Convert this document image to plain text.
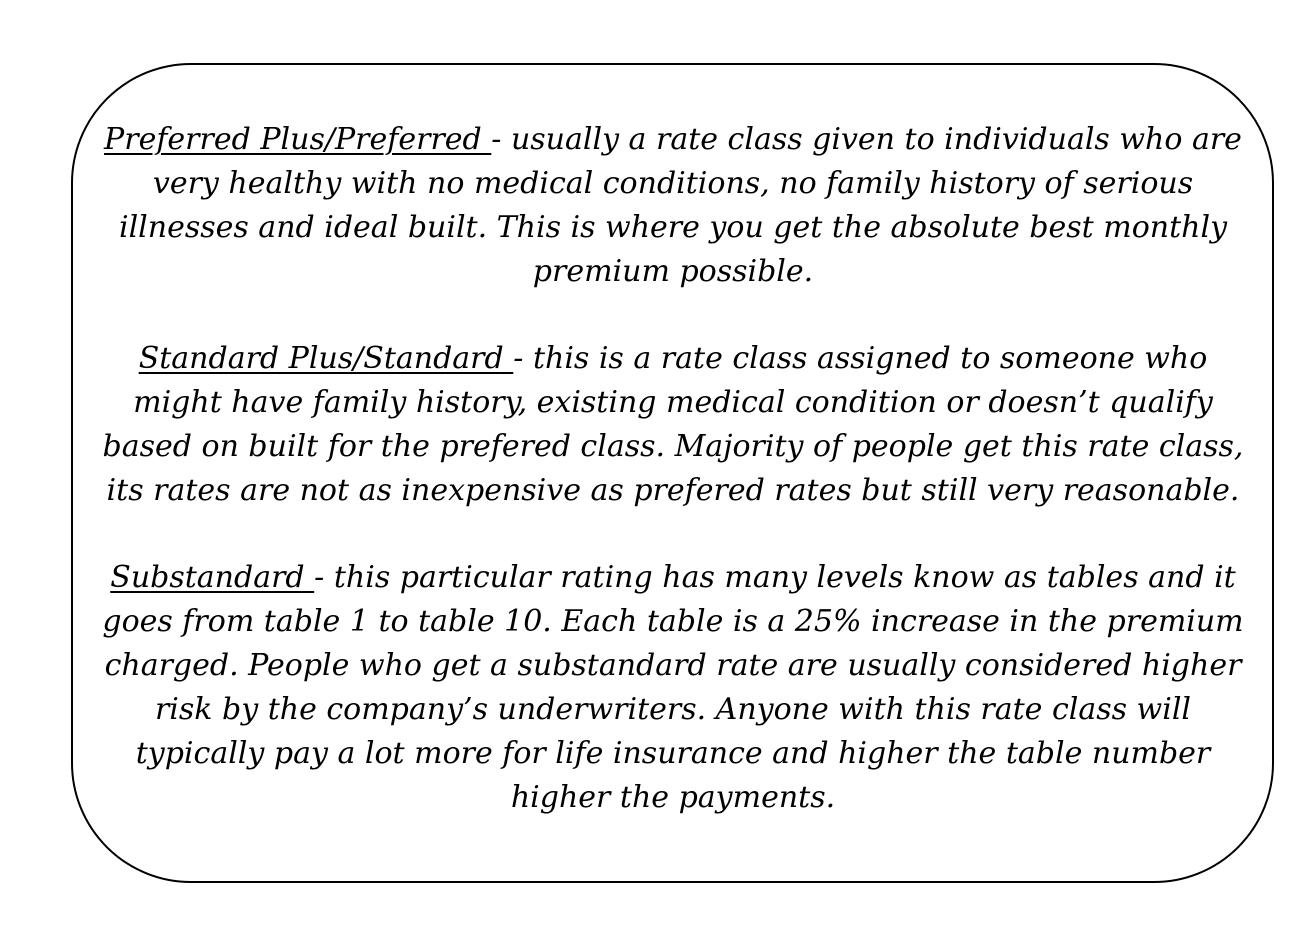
Preferred Plus/Preferred - usually a rate class given to individuals who are very healthy with no medical conditions, no family history of serious illnesses and ideal built. This is where you get the absolute best monthly premium possible.

Standard Plus/Standard - this is a rate class assigned to someone who might have family history, existing medical condition or doesn’t qualify based on built for the prefered class. Majority of people get this rate class, its rates are not as inexpensive as prefered rates but still very reasonable.

Substandard - this particular rating has many levels know as tables and it goes from table 1 to table 10. Each table is a 25% increase in the premium charged. People who get a substandard rate are usually considered higher risk by the company’s underwriters. Anyone with this rate class will typically pay a lot more for life insurance and higher the table number higher the payments.
